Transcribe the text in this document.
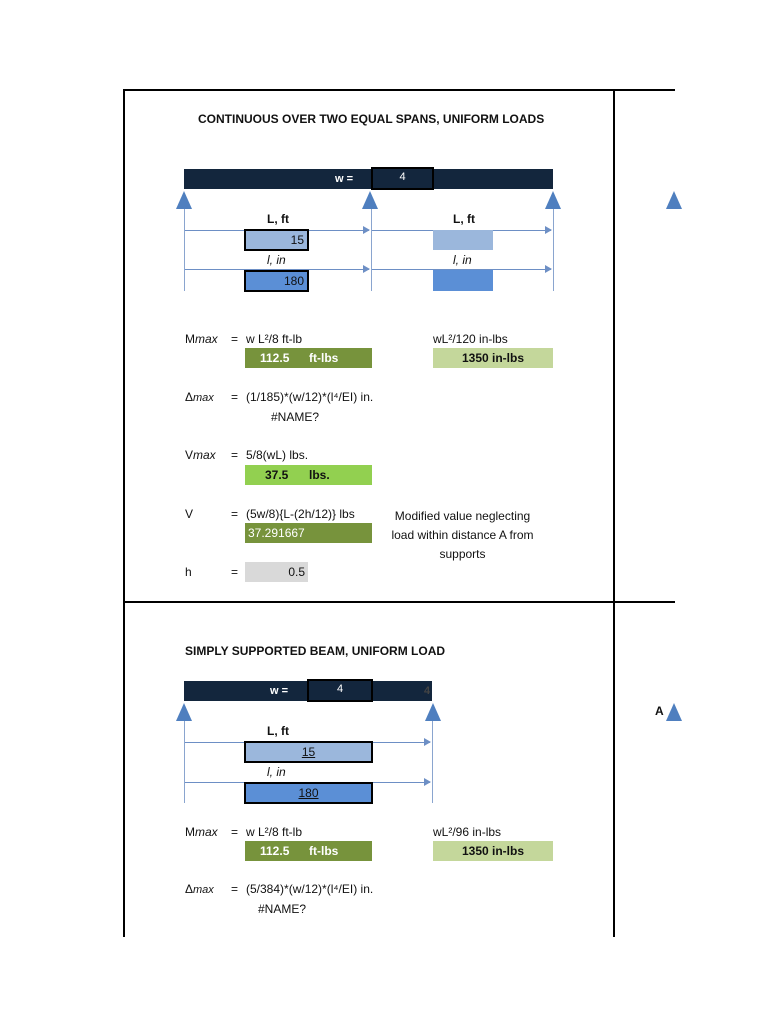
CONTINUOUS OVER TWO EQUAL SPANS, UNIFORM LOADS
w =	4
L, ft	L, ft
15
l, in	l, in
180
Mmax = w L²/8 ft-lb
112.5 ft-lbs
wL²/120 in-lbs
1350 in-lbs
Δmax = (1/185)*(w/12)*(l⁴/EI) in.
#NAME?
Vmax = 5/8(wL) lbs.
37.5 lbs.
V	= (5w/8){L-(2h/12)} lbs
37.291667
Modified value neglecting
load within distance A from
supports
h	=	0.5
SIMPLY SUPPORTED BEAM, UNIFORM LOAD
w =	4
4
A
L, ft
15
l, in
180
Mmax = w L²/8 ft-lb
112.5 ft-lbs
wL²/96 in-lbs
1350 in-lbs
Δmax = (5/384)*(w/12)*(l⁴/EI) in.
#NAME?
